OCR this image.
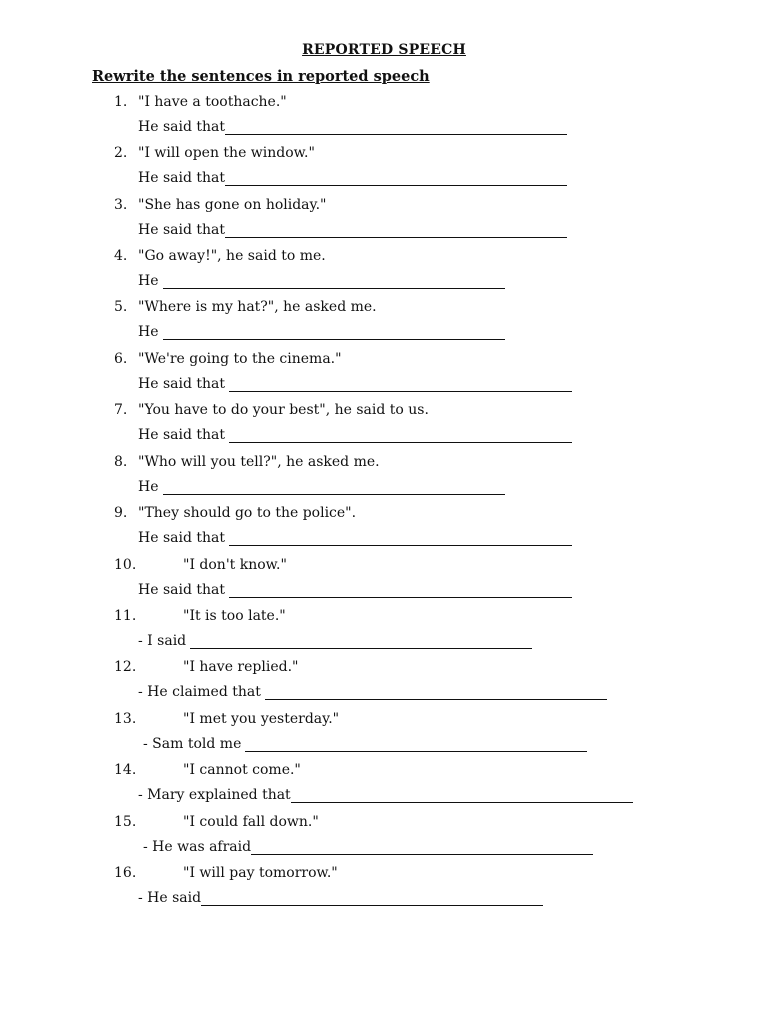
REPORTED SPEECH
Rewrite the sentences in reported speech
1. "I have a toothache."
He said that
2. "I will open the window."
He said that
3. "She has gone on holiday."
He said that
4. "Go away!", he said to me.
He
5. "Where is my hat?", he asked me.
He
6. "We're going to the cinema."
He said that
7. "You have to do your best", he said to us.
He said that
8. "Who will you tell?", he asked me.
He
9. "They should go to the police".
He said that
10.	"I don't know."
He said that
11.	"It is too late."
- I said
12.	"I have replied."
- He claimed that
13.	"I met you yesterday."
- Sam told me
14.	"I cannot come."
- Mary explained that
15.	"I could fall down."
- He was afraid
16.	"I will pay tomorrow."
- He said
